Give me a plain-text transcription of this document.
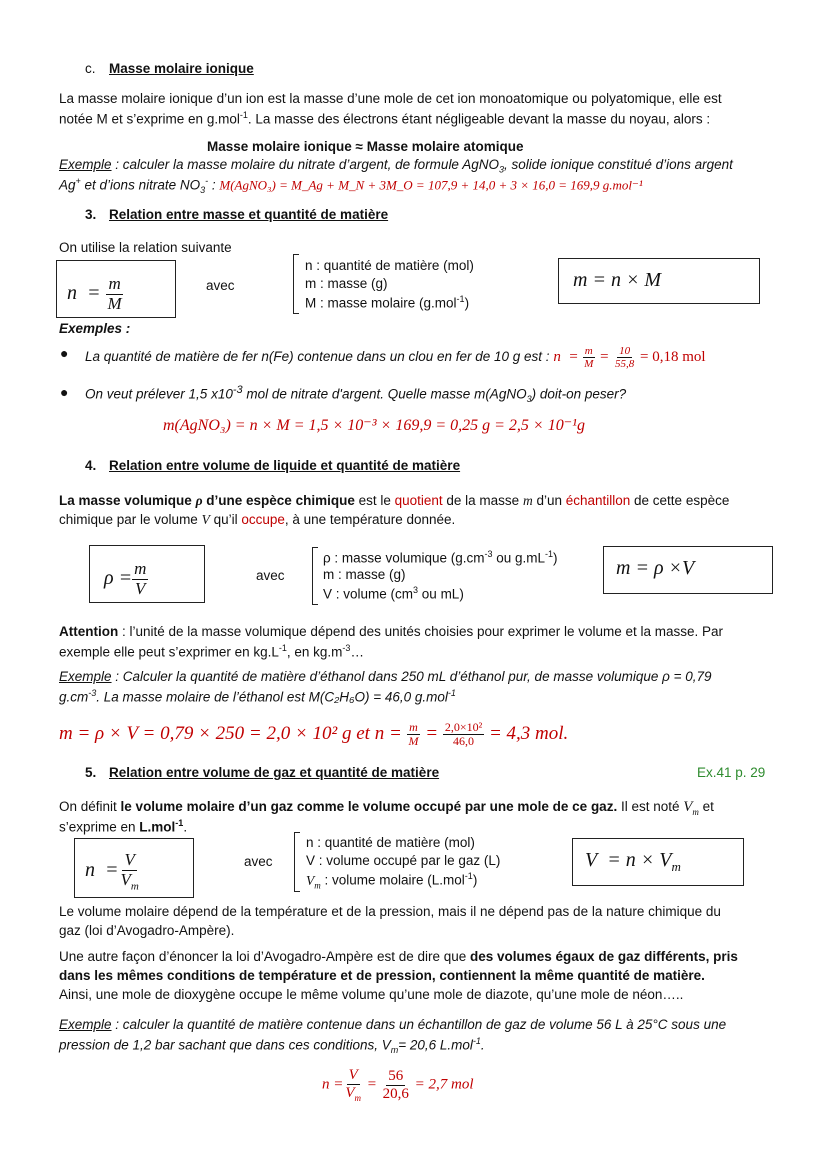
c. Masse molaire ionique
La masse molaire ionique d’un ion est la masse d’une mole de cet ion monoatomique ou polyatomique, elle est
notée M et s’exprime en g.mol$^{-1}$. La masse des électrons étant négligeable devant la masse du noyau, alors :
Masse molaire ionique ≈ Masse molaire atomique
Exemple : calculer la masse molaire du nitrate d’argent, de formule AgNO$_3$, solide ionique constitué d’ions argent
Ag+ et d’ions nitrate $NO_3^-$ : M(AgNO₃) = M_Ag + M_N + 3M_O = 107,9 + 14,0 + 3 × 16,0 = 169,9 g.mol⁻¹
3. Relation entre masse et quantité de matière
On utilise la relation suivante
$n = \frac{m}{M}$	avec
n : quantité de matière (mol)
m : masse (g)
M : masse molaire (g.mol$^{-1}$)
m = n × M
Exemples :
● La quantité de matière de fer n(Fe) contenue dans un clou en fer de 10 g est : $n = \frac{m}{M} = \frac{10}{55,8} = 0,18$ mol
● On veut prélever 1,5 $x10^{-3}$ mol de nitrate d'argent. Quelle masse m(AgNO$_3$) doit-on peser?
m(AgNO₃) = n × M = 1,5 × 10⁻³ × 169,9 = 0,25 g = 2,5 × 10⁻¹g
4. Relation entre volume de liquide et quantité de matière
La masse volumique ρ d’une espèce chimique est le quotient de la masse m d’un échantillon de cette espèce
chimique par le volume V qu’il occupe, à une température donnée.
$\rho = \frac{m}{V}$	avec
ρ : masse volumique ($g.cm^{-3}$ ou $g.mL^{-1}$)
m : masse (g)
V : volume ($cm^3$ ou mL)
m = ρ ×V
Attention : l’unité de la masse volumique dépend des unités choisies pour exprimer le volume et la masse. Par
exemple elle peut s’exprimer en $kg.L^{-1}$, en $kg.m^{-3}\dots$
Exemple : Calculer la quantité de matière d’éthanol dans 250 mL d’éthanol pur, de masse volumique ρ = 0,79
$g.cm^{-3}$. La masse molaire de l’éthanol est M(C₂H₆O) = 46,0 g.mol$^{-1}$
m = ρ × V = 0,79 × 250 = 2,0 × 10² g et $n = \frac{m}{M} = \frac{\text{2,0×10²}}{46,0} = 4,3$ mol.
5. Relation entre volume de gaz et quantité de matière	Ex.41 p. 29
On définit le volume molaire d’un gaz comme le volume occupé par une mole de ce gaz. Il est noté $V_m$ et
s’exprime en L.mol$^{-1}$.
$n = \frac{V}{V_m}$	avec
n : quantité de matière (mol)
V : volume occupé par le gaz (L)
$V_m$ : volume molaire (L.mol$^{-1}$)
$V = n \times V_m$
Le volume molaire dépend de la température et de la pression, mais il ne dépend pas de la nature chimique du
gaz (loi d’Avogadro-Ampère).
Une autre façon d’énoncer la loi d’Avogadro-Ampère est de dire que des volumes égaux de gaz différents, pris
dans les mêmes conditions de température et de pression, contiennent la même quantité de matière.
Ainsi, une mole de dioxygène occupe le même volume qu’une mole de diazote, qu’une mole de néon…..
Exemple : calculer la quantité de matière contenue dans un échantillon de gaz de volume 56 L à 25°C sous une
pression de 1,2 bar sachant que dans ces conditions, $V_m= 20,6$ L.mol$^{-1}$.
$n = \frac{V}{V_m} = \frac{56}{20,6} = 2,7$ mol
